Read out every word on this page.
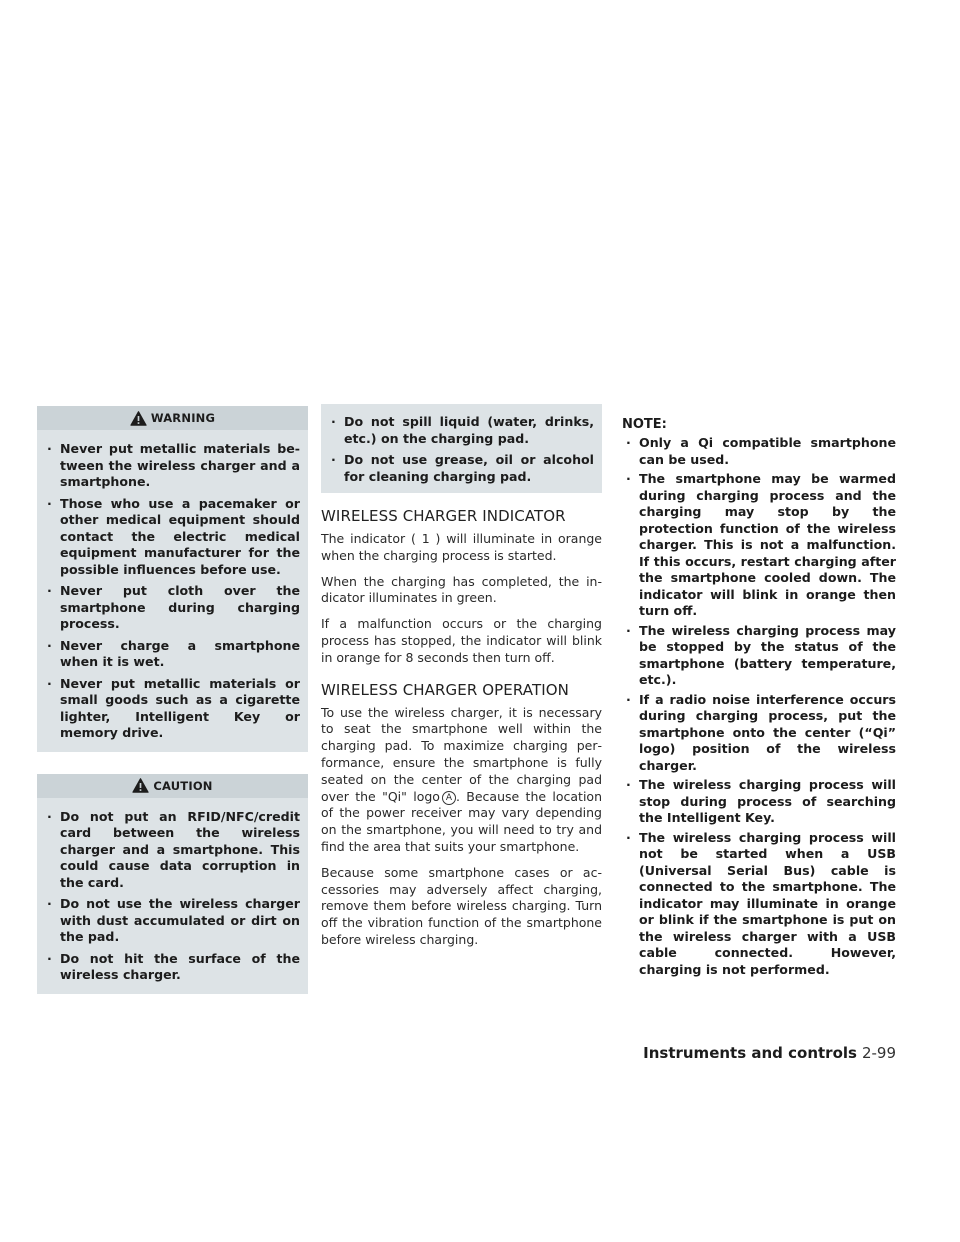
WARNING
· Never put metallic materials between the wireless charger and a smartphone.
· Those who use a pacemaker or other medical equipment should contact the electric medical equipment manufacturer for the possible influences before use.
· Never put cloth over the smartphone during charging process.
· Never charge a smartphone when it is wet.
· Never put metallic materials or small goods such as a cigarette lighter, Intelligent Key or memory drive.
CAUTION
· Do not put an RFID/NFC/credit card between the wireless charger and a smartphone. This could cause data corruption in the card.
· Do not use the wireless charger with dust accumulated or dirt on the pad.
· Do not hit the surface of the wireless charger.
· Do not spill liquid (water, drinks, etc.) on the charging pad.
· Do not use grease, oil or alcohol for cleaning charging pad.
WIRELESS CHARGER INDICATOR

The indicator ( 1 ) will illuminate in orange when the charging process is started.

When the charging has completed, the indicator illuminates in green.

If a malfunction occurs or the charging process has stopped, the indicator will blink in orange for 8 seconds then turn off.

WIRELESS CHARGER OPERATION

To use the wireless charger, it is necessary to seat the smartphone well within the charging pad. To maximize charging performance, ensure the smartphone is fully seated on the center of the charging pad over the "Qi" logo A . Because the location of the power receiver may vary depending on the smartphone, you will need to try and find the area that suits your smartphone.

Because some smartphone cases or accessories may adversely affect charging, remove them before wireless charging. Turn off the vibration function of the smartphone before wireless charging.

NOTE:
· Only a Qi compatible smartphone can be used.
· The smartphone may be warmed during charging process and the charging may stop by the protection function of the wireless charger. This is not a malfunction. If this occurs, restart charging after the smartphone cooled down. The indicator will blink in orange then turn off.
· The wireless charging process may be stopped by the status of the smartphone (battery temperature, etc.).
· If a radio noise interference occurs during charging process, put the smartphone onto the center (“Qi” logo) position of the wireless charger.
· The wireless charging process will stop during process of searching the Intelligent Key.
· The wireless charging process will not be started when a USB (Universal Serial Bus) cable is connected to the smartphone. The indicator may illuminate in orange or blink if the smartphone is put on the wireless charger with a USB cable connected. However, charging is not performed.
Instruments and controls 2-99
